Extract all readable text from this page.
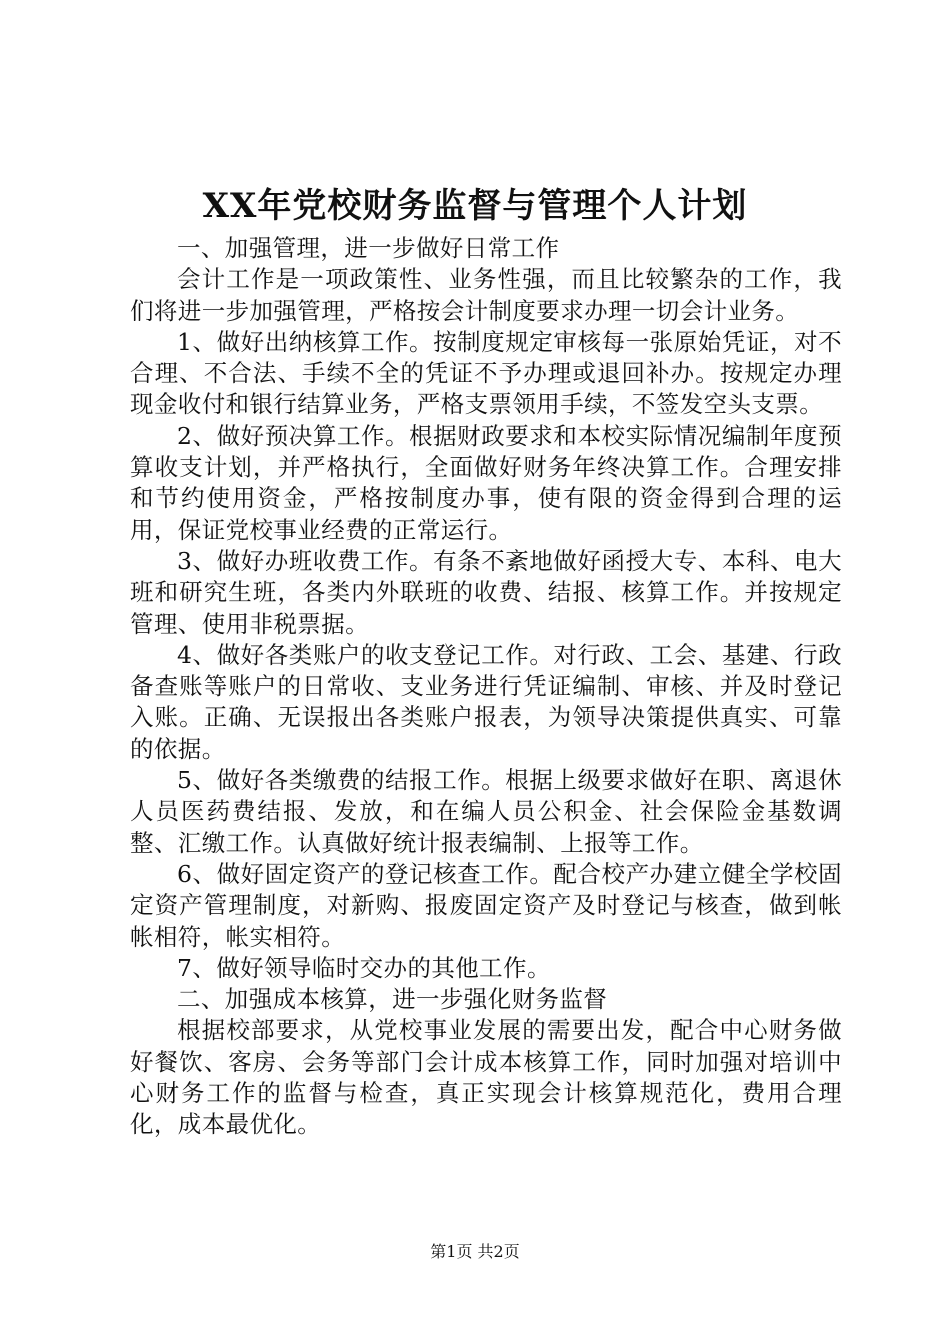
XX年党校财务监督与管理个人计划

一、加强管理，进一步做好日常工作

会计工作是一项政策性、业务性强，而且比较繁杂的工作，我们将进一步加强管理，严格按会计制度要求办理一切会计业务。

1、做好出纳核算工作。按制度规定审核每一张原始凭证，对不合理、不合法、手续不全的凭证不予办理或退回补办。按规定办理现金收付和银行结算业务，严格支票领用手续，不签发空头支票。

2、做好预决算工作。根据财政要求和本校实际情况编制年度预算收支计划，并严格执行，全面做好财务年终决算工作。合理安排和节约使用资金，严格按制度办事，使有限的资金得到合理的运用，保证党校事业经费的正常运行。

3、做好办班收费工作。有条不紊地做好函授大专、本科、电大班和研究生班，各类内外联班的收费、结报、核算工作。并按规定管理、使用非税票据。

4、做好各类账户的收支登记工作。对行政、工会、基建、行政备查账等账户的日常收、支业务进行凭证编制、审核、并及时登记入账。正确、无误报出各类账户报表，为领导决策提供真实、可靠的依据。

5、做好各类缴费的结报工作。根据上级要求做好在职、离退休人员医药费结报、发放，和在编人员公积金、社会保险金基数调整、汇缴工作。认真做好统计报表编制、上报等工作。

6、做好固定资产的登记核查工作。配合校产办建立健全学校固定资产管理制度，对新购、报废固定资产及时登记与核查，做到帐帐相符，帐实相符。

7、做好领导临时交办的其他工作。

二、加强成本核算，进一步强化财务监督

根据校部要求，从党校事业发展的需要出发，配合中心财务做好餐饮、客房、会务等部门会计成本核算工作，同时加强对培训中心财务工作的监督与检查，真正实现会计核算规范化，费用合理化，成本最优化。

第1页 共2页
